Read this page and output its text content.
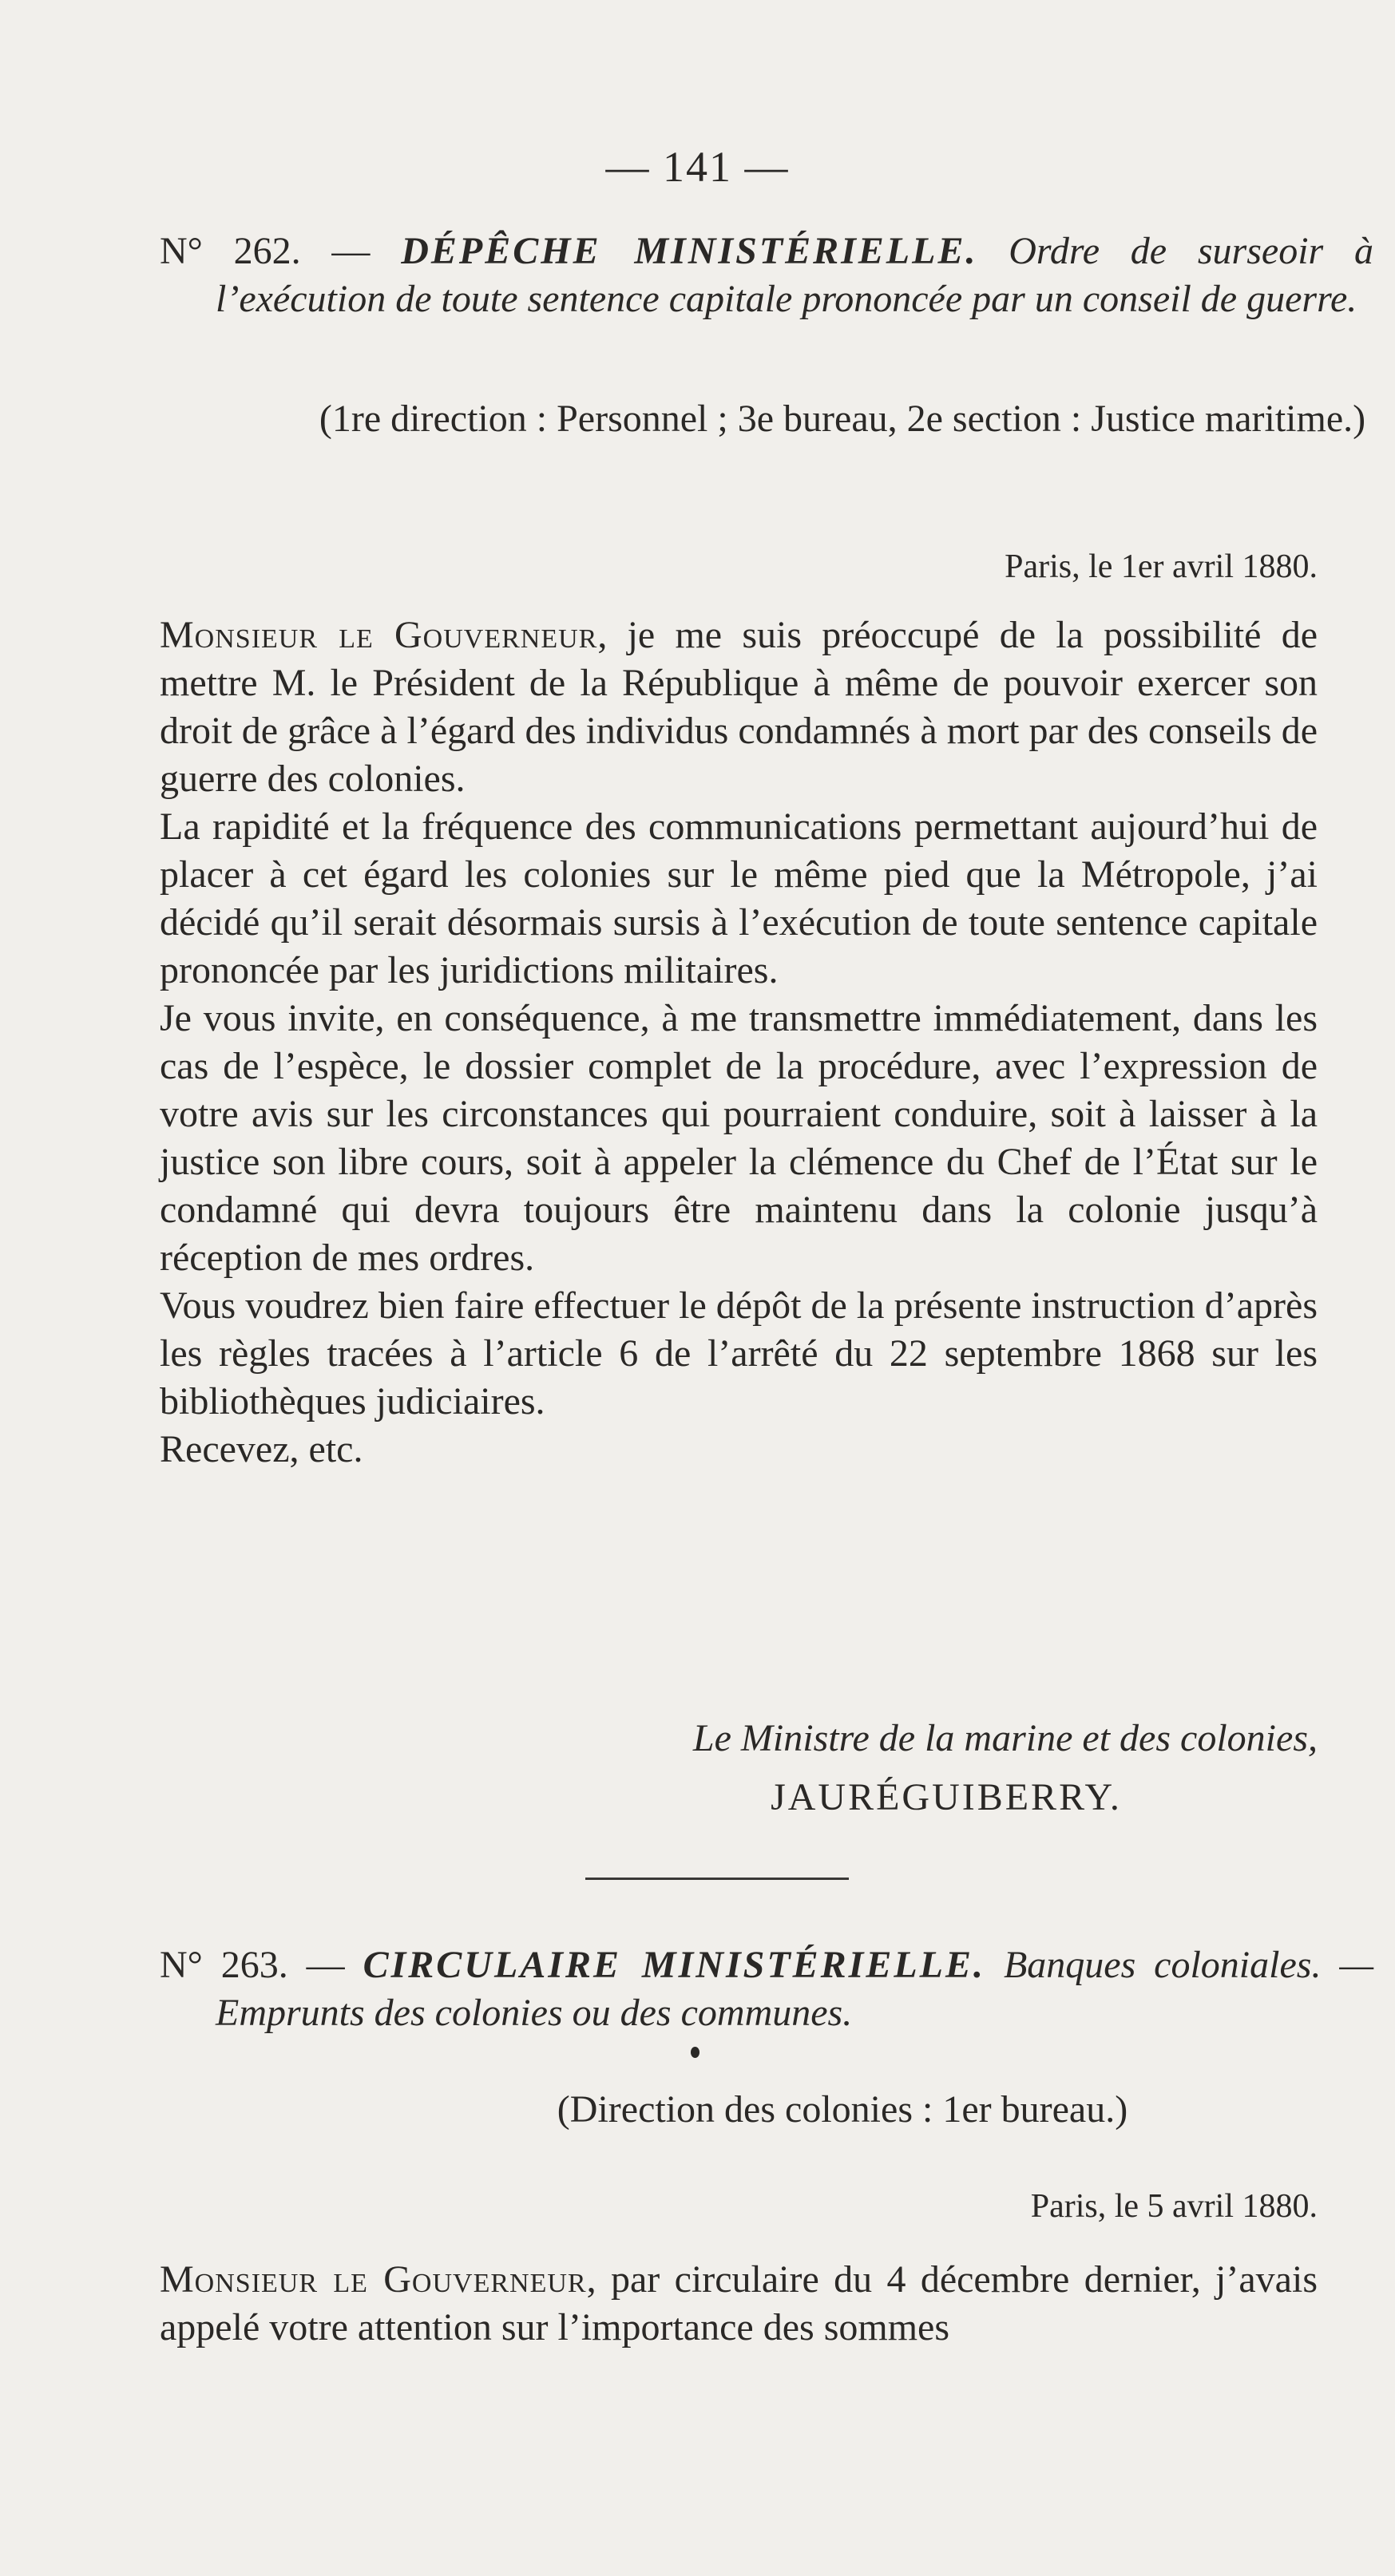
— 141 —
N° 262. — DÉPÊCHE MINISTÉRIELLE. Ordre de surseoir à l’exécution de toute sentence capitale prononcée par un conseil de guerre.
(1re direction : Personnel ; 3e bureau, 2e section : Justice maritime.)
Paris, le 1er avril 1880.

Monsieur le Gouverneur, je me suis préoccupé de la possibilité de mettre M. le Président de la République à même de pouvoir exercer son droit de grâce à l’égard des individus condamnés à mort par des conseils de guerre des colonies.

La rapidité et la fréquence des communications permettant aujourd’hui de placer à cet égard les colonies sur le même pied que la Métropole, j’ai décidé qu’il serait désormais sursis à l’exécution de toute sentence capitale prononcée par les juridictions militaires.

Je vous invite, en conséquence, à me transmettre immédiatement, dans les cas de l’espèce, le dossier complet de la procédure, avec l’expression de votre avis sur les circonstances qui pourraient conduire, soit à laisser à la justice son libre cours, soit à appeler la clémence du Chef de l’État sur le condamné qui devra toujours être maintenu dans la colonie jusqu’à réception de mes ordres.

Vous voudrez bien faire effectuer le dépôt de la présente instruction d’après les règles tracées à l’article 6 de l’arrêté du 22 septembre 1868 sur les bibliothèques judiciaires.

Recevez, etc.

Le Ministre de la marine et des colonies,
JAURÉGUIBERRY.
N° 263. — CIRCULAIRE MINISTÉRIELLE. Banques coloniales. — Emprunts des colonies ou des communes.
(Direction des colonies : 1er bureau.)
Paris, le 5 avril 1880.

Monsieur le Gouverneur, par circulaire du 4 décembre dernier, j’avais appelé votre attention sur l’importance des sommes
